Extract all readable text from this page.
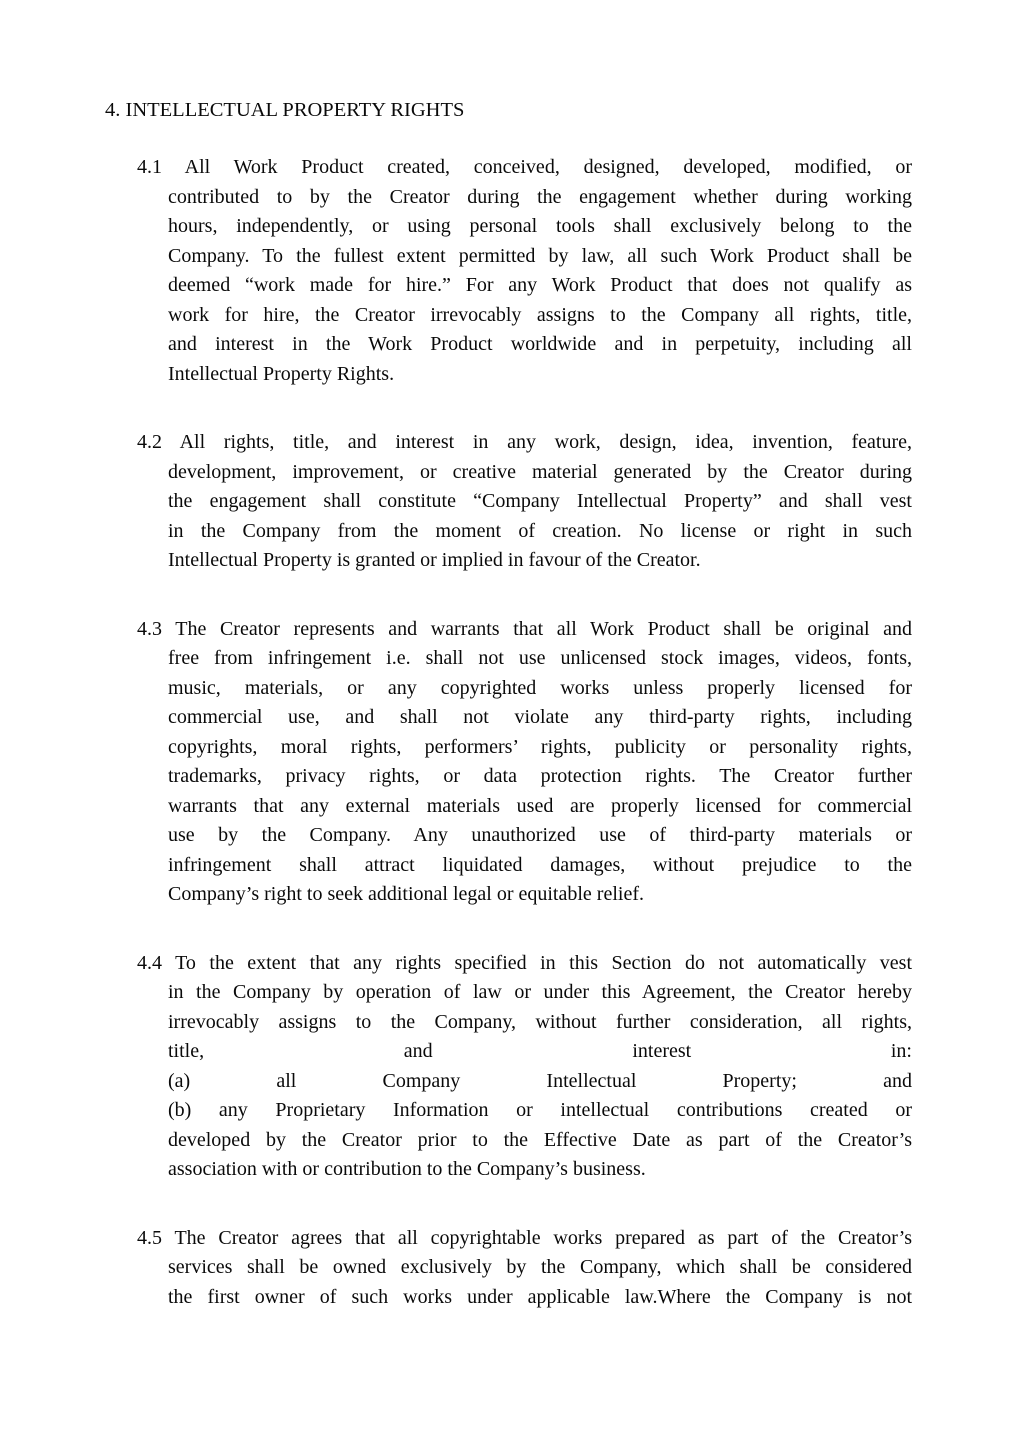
4. INTELLECTUAL PROPERTY RIGHTS
4.1 All Work Product created, conceived, designed, developed, modified, or
contributed to by the Creator during the engagement whether during working
hours, independently, or using personal tools shall exclusively belong to the
Company. To the fullest extent permitted by law, all such Work Product shall be
deemed “work made for hire.” For any Work Product that does not qualify as
work for hire, the Creator irrevocably assigns to the Company all rights, title,
and interest in the Work Product worldwide and in perpetuity, including all
Intellectual Property Rights.
4.2 All rights, title, and interest in any work, design, idea, invention, feature,
development, improvement, or creative material generated by the Creator during
the engagement shall constitute “Company Intellectual Property” and shall vest
in the Company from the moment of creation. No license or right in such
Intellectual Property is granted or implied in favour of the Creator.
4.3 The Creator represents and warrants that all Work Product shall be original and
free from infringement i.e. shall not use unlicensed stock images, videos, fonts,
music, materials, or any copyrighted works unless properly licensed for
commercial use, and shall not violate any third-party rights, including
copyrights, moral rights, performers’ rights, publicity or personality rights,
trademarks, privacy rights, or data protection rights. The Creator further
warrants that any external materials used are properly licensed for commercial
use by the Company. Any unauthorized use of third-party materials or
infringement shall attract liquidated damages, without prejudice to the
Company’s right to seek additional legal or equitable relief.
4.4 To the extent that any rights specified in this Section do not automatically vest
in the Company by operation of law or under this Agreement, the Creator hereby
irrevocably assigns to the Company, without further consideration, all rights,
title, and interest in:
(a) all Company Intellectual Property; and
(b) any Proprietary Information or intellectual contributions created or
developed by the Creator prior to the Effective Date as part of the Creator’s
association with or contribution to the Company’s business.
4.5 The Creator agrees that all copyrightable works prepared as part of the Creator’s
services shall be owned exclusively by the Company, which shall be considered
the first owner of such works under applicable law.Where the Company is not
